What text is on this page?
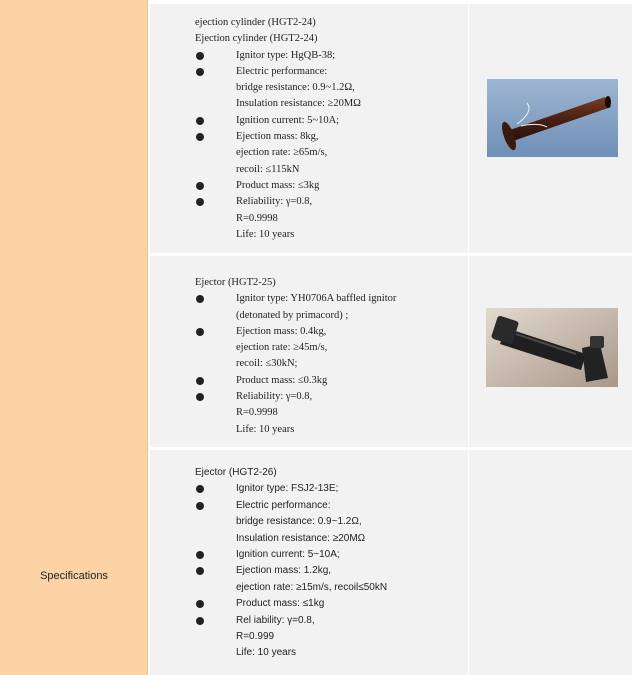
Specifications
ejection cylinder (HGT2-24)
Ejection cylinder (HGT2-24)
Ignitor type: HgQB-38;
Electric performance:
bridge resistance: 0.9~1.2Ω,
Insulation resistance: ≥20MΩ
Ignition current: 5~10A;
Ejection mass: 8kg,
ejection rate: ≥65m/s,
recoil: ≤115kN
Product mass: ≤3kg
Reliability: γ=0.8,
R=0.9998
Life: 10 years
Ejector (HGT2-25)
Ignitor type: YH0706A baffled ignitor
(detonated by primacord) ;
Ejection mass: 0.4kg,
ejection rate: ≥45m/s,
recoil: ≤30kN;
Product mass: ≤0.3kg
Reliability: γ=0.8,
R=0.9998
Life: 10 years
Ejector (HGT2-26)
Ignitor type: FSJ2-13E;
Electric performance:
bridge resistance: 0.9~1.2Ω,
Insulation resistance: ≥20MΩ
Ignition current: 5~10A;
Ejection mass: 1.2kg,
ejection rate: ≥15m/s, recoil≤50kN
Product mass: ≤1kg
Rel iability: γ=0.8,
R=0.999
Life: 10 years
